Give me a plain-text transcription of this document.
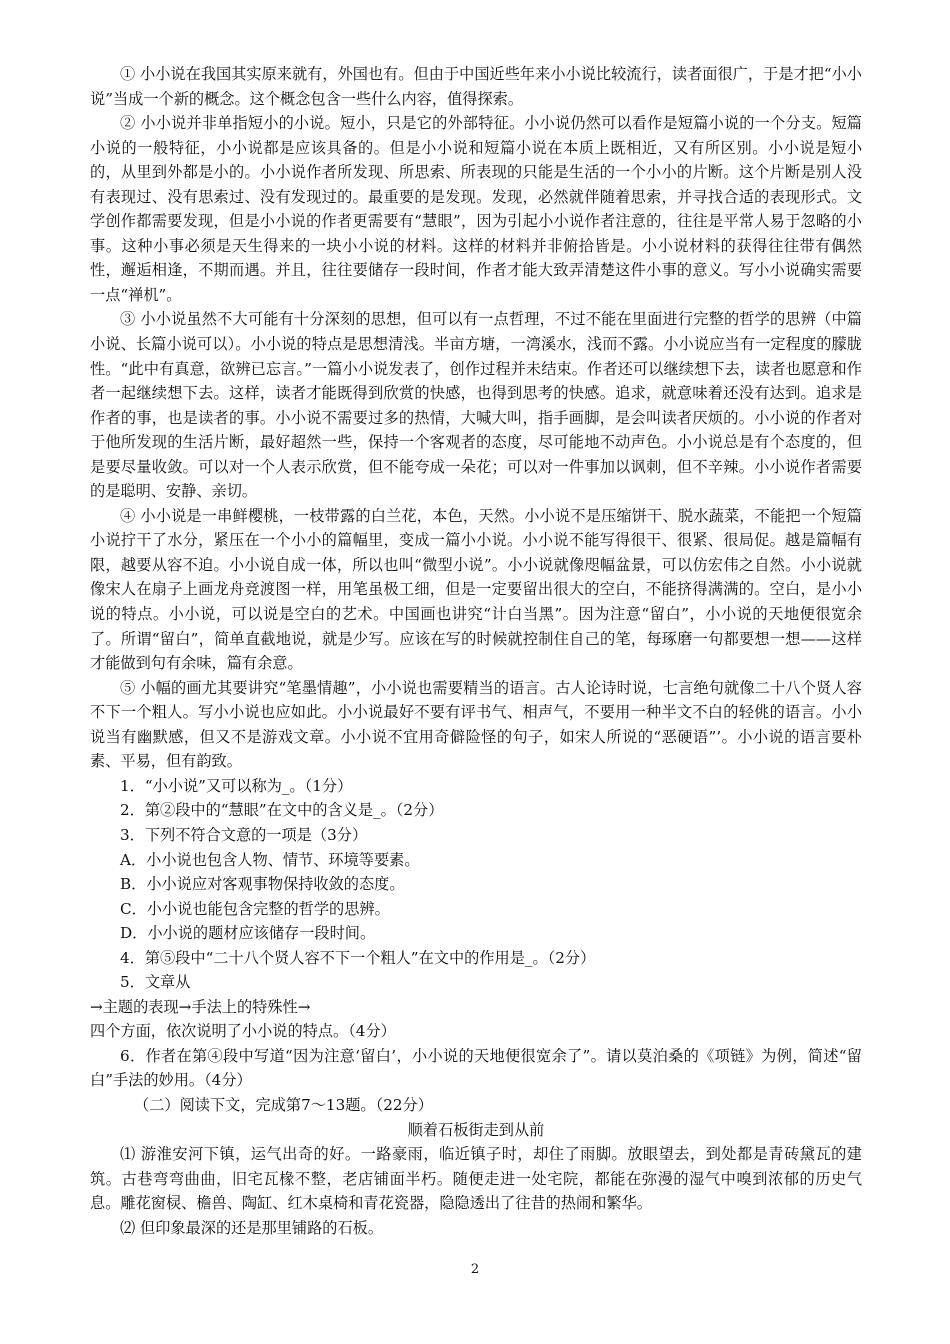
① 小小说在我国其实原来就有，外国也有。但由于中国近些年来小小说比较流行，读者面很广，于是才把“小小说”当成一个新的概念。这个概念包含一些什么内容，值得探索。

② 小小说并非单指短小的小说。短小，只是它的外部特征。小小说仍然可以看作是短篇小说的一个分支。短篇小说的一般特征，小小说都是应该具备的。但是小小说和短篇小说在本质上既相近，又有所区别。小小说是短小的，从里到外都是小的。小小说作者所发现、所思索、所表现的只能是生活的一个小小的片断。这个片断是别人没有表现过、没有思索过、没有发现过的。最重要的是发现。发现，必然就伴随着思索，并寻找合适的表现形式。文学创作都需要发现，但是小小说的作者更需要有“慧眼”，因为引起小小说作者注意的，往往是平常人易于忽略的小事。这种小事必须是天生得来的一块小小说的材料。这样的材料并非俯拾皆是。小小说材料的获得往往带有偶然性，邂逅相逢，不期而遇。并且，往往要储存一段时间，作者才能大致弄清楚这件小事的意义。写小小说确实需要一点“禅机”。

③ 小小说虽然不大可能有十分深刻的思想，但可以有一点哲理，不过不能在里面进行完整的哲学的思辨（中篇小说、长篇小说可以）。小小说的特点是思想清浅。半亩方塘，一湾溪水，浅而不露。小小说应当有一定程度的朦胧性。“此中有真意，欲辨已忘言。”一篇小小说发表了，创作过程并未结束。作者还可以继续想下去，读者也愿意和作者一起继续想下去。这样，读者才能既得到欣赏的快感，也得到思考的快感。追求，就意味着还没有达到。追求是作者的事，也是读者的事。小小说不需要过多的热情，大喊大叫，指手画脚，是会叫读者厌烦的。小小说的作者对于他所发现的生活片断，最好超然一些，保持一个客观者的态度，尽可能地不动声色。小小说总是有个态度的，但是要尽量收敛。可以对一个人表示欣赏，但不能夸成一朵花；可以对一件事加以讽刺，但不辛辣。小小说作者需要的是聪明、安静、亲切。

④ 小小说是一串鲜樱桃，一枝带露的白兰花，本色，天然。小小说不是压缩饼干、脱水蔬菜，不能把一个短篇小说拧干了水分，紧压在一个小小的篇幅里，变成一篇小小说。小小说不能写得很干、很紧、很局促。越是篇幅有限，越要从容不迫。小小说自成一体，所以也叫“微型小说”。小小说就像咫幅盆景，可以仿宏伟之自然。小小说就像宋人在扇子上画龙舟竞渡图一样，用笔虽极工细，但是一定要留出很大的空白，不能挤得满满的。空白，是小小说的特点。小小说，可以说是空白的艺术。中国画也讲究“计白当黑”。因为注意“留白”，小小说的天地便很宽余了。所谓“留白”，简单直截地说，就是少写。应该在写的时候就控制住自己的笔，每琢磨一句都要想一想——这样才能做到句有余味，篇有余意。

⑤ 小幅的画尤其要讲究“笔墨情趣”，小小说也需要精当的语言。古人论诗时说，七言绝句就像二十八个贤人容不下一个粗人。写小小说也应如此。小小说最好不要有评书气、相声气，不要用一种半文不白的轻佻的语言。小小说当有幽默感，但又不是游戏文章。小小说不宜用奇僻险怪的句子，如宋人所说的“恶硬语”’。小小说的语言要朴素、平易，但有韵致。

1．“小小说”又可以称为_。（1分）

2．第②段中的“慧眼”在文中的含义是_。（2分）

3．下列不符合文意的一项是（3分）

A．小小说也包含人物、情节、环境等要素。

B．小小说应对客观事物保持收敛的态度。

C．小小说也能包含完整的哲学的思辨。

D．小小说的题材应该储存一段时间。

4．第⑤段中“二十八个贤人容不下一个粗人”在文中的作用是_。（2分）

5．文章从

→主题的表现→手法上的特殊性→

四个方面，依次说明了小小说的特点。（4分）

6．作者在第④段中写道“因为注意‘留白’，小小说的天地便很宽余了”。请以莫泊桑的《项链》为例，简述“留白”手法的妙用。（4分）

（二）阅读下文，完成第7～13题。（22分）

顺着石板街走到从前

⑴ 游淮安河下镇，运气出奇的好。一路豪雨，临近镇子时，却住了雨脚。放眼望去，到处都是青砖黛瓦的建筑。古巷弯弯曲曲，旧宅瓦椽不整，老店铺面半朽。随便走进一处宅院，都能在弥漫的湿气中嗅到浓郁的历史气息。雕花窗棂、檐兽、陶缸、红木桌椅和青花瓷器，隐隐透出了往昔的热闹和繁华。

⑵ 但印象最深的还是那里铺路的石板。

2
